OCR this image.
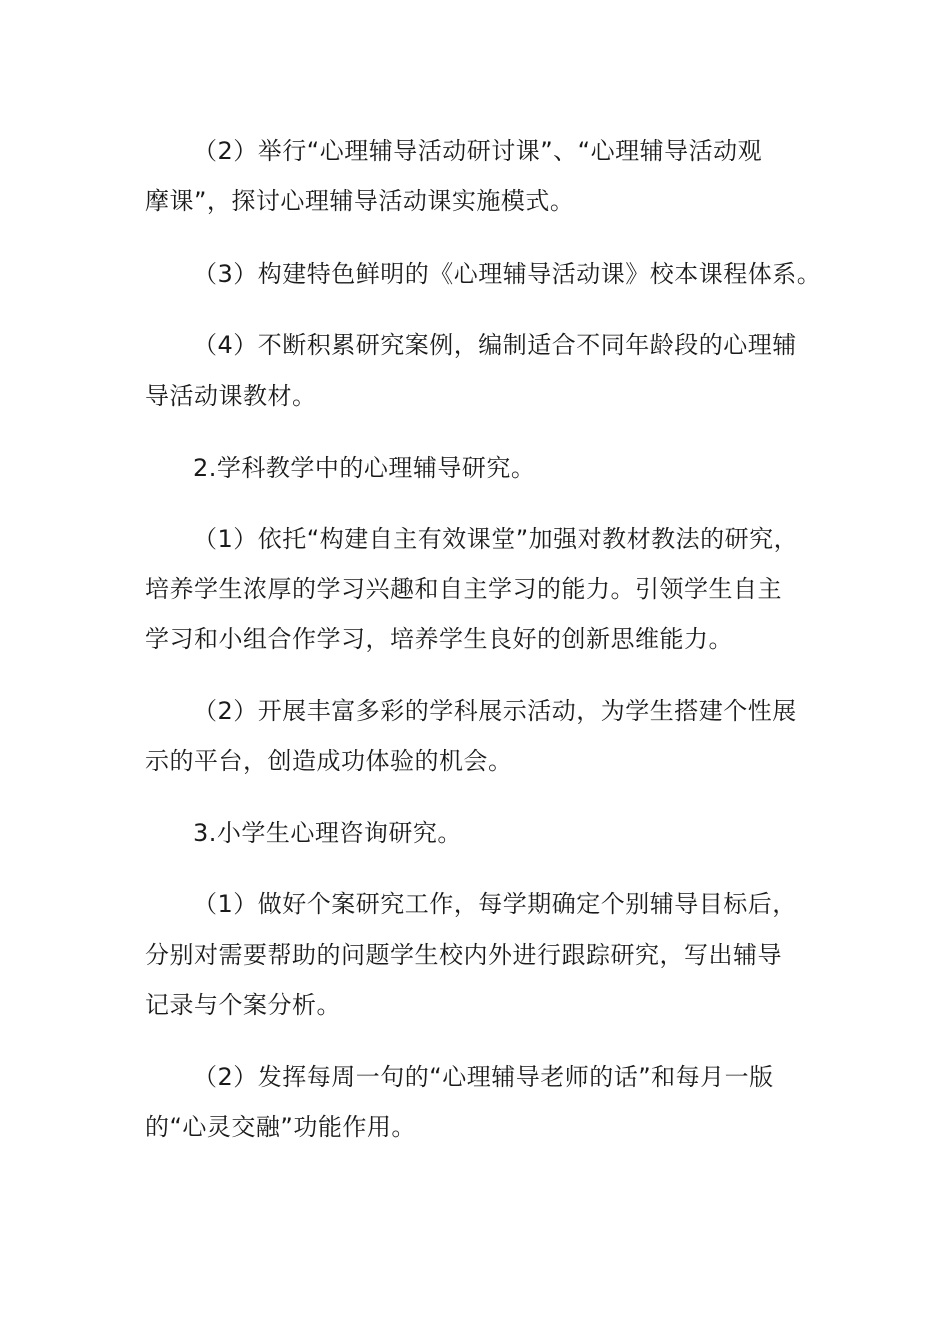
（2）举行“心理辅导活动研讨课”、“心理辅导活动观
摩课”，探讨心理辅导活动课实施模式。
（3）构建特色鲜明的《心理辅导活动课》校本课程体系。
（4）不断积累研究案例，编制适合不同年龄段的心理辅
导活动课教材。
2.学科教学中的心理辅导研究。
（1）依托“构建自主有效课堂”加强对教材教法的研究，
培养学生浓厚的学习兴趣和自主学习的能力。引领学生自主
学习和小组合作学习，培养学生良好的创新思维能力。
（2）开展丰富多彩的学科展示活动，为学生搭建个性展
示的平台，创造成功体验的机会。
3.小学生心理咨询研究。
（1）做好个案研究工作，每学期确定个别辅导目标后，
分别对需要帮助的问题学生校内外进行跟踪研究，写出辅导
记录与个案分析。
（2）发挥每周一句的“心理辅导老师的话”和每月一版
的“心灵交融”功能作用。
